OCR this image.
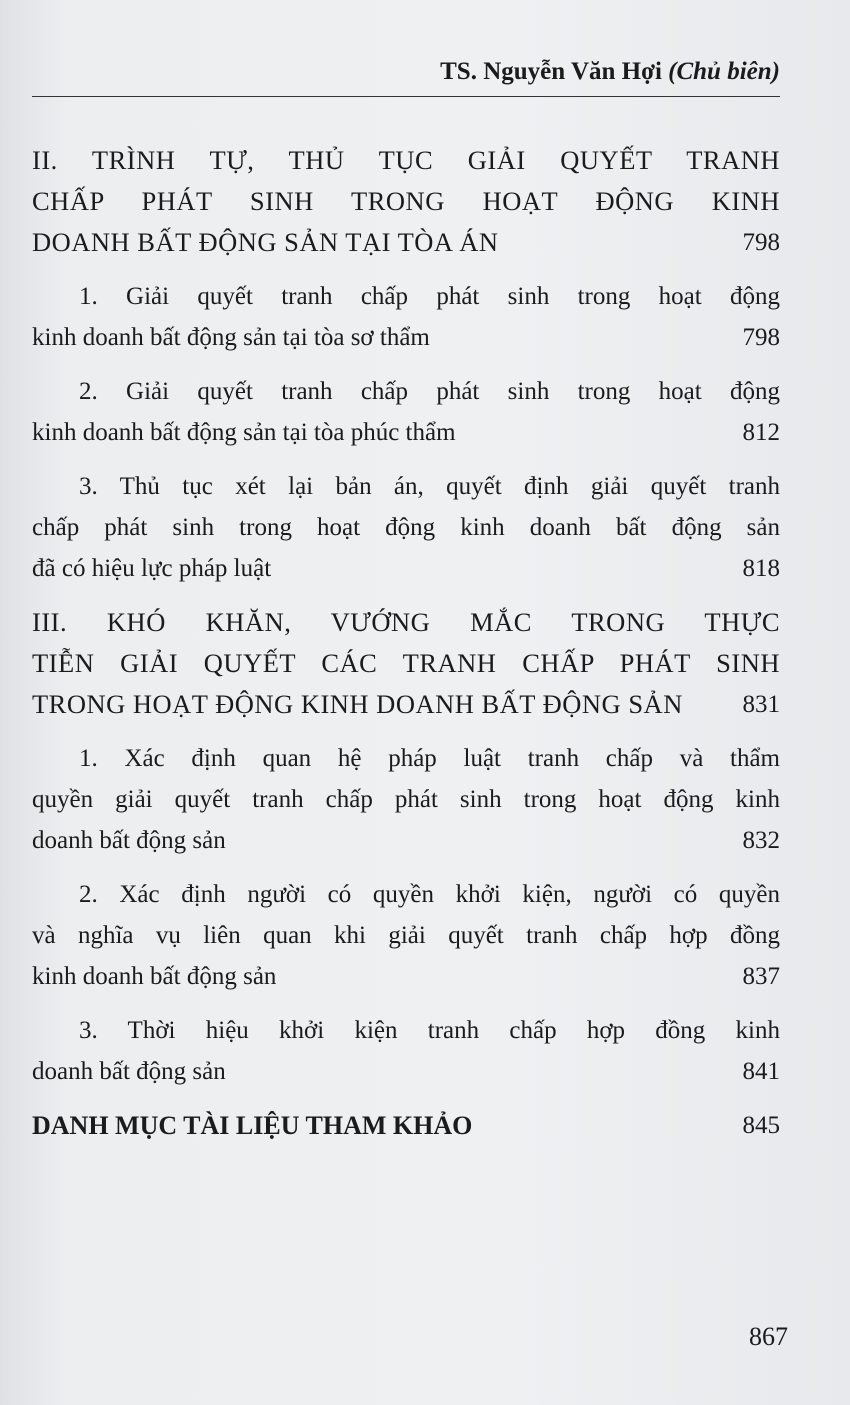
TS. Nguyễn Văn Hợi (Chủ biên)

II. TRÌNH TỰ, THỦ TỤC GIẢI QUYẾT TRANH
CHẤP PHÁT SINH TRONG HOẠT ĐỘNG KINH
DOANH BẤT ĐỘNG SẢN TẠI TÒA ÁN	798

1. Giải quyết tranh chấp phát sinh trong hoạt động
kinh doanh bất động sản tại tòa sơ thẩm	798

2. Giải quyết tranh chấp phát sinh trong hoạt động
kinh doanh bất động sản tại tòa phúc thẩm	812

3. Thủ tục xét lại bản án, quyết định giải quyết tranh
chấp phát sinh trong hoạt động kinh doanh bất động sản
đã có hiệu lực pháp luật	818

III. KHÓ KHĂN, VƯỚNG MẮC TRONG THỰC
TIỄN GIẢI QUYẾT CÁC TRANH CHẤP PHÁT SINH
TRONG HOẠT ĐỘNG KINH DOANH BẤT ĐỘNG SẢN	831

1. Xác định quan hệ pháp luật tranh chấp và thẩm
quyền giải quyết tranh chấp phát sinh trong hoạt động kinh
doanh bất động sản	832

2. Xác định người có quyền khởi kiện, người có quyền
và nghĩa vụ liên quan khi giải quyết tranh chấp hợp đồng
kinh doanh bất động sản	837

3. Thời hiệu khởi kiện tranh chấp hợp đồng kinh
doanh bất động sản	841

DANH MỤC TÀI LIỆU THAM KHẢO	845
867
